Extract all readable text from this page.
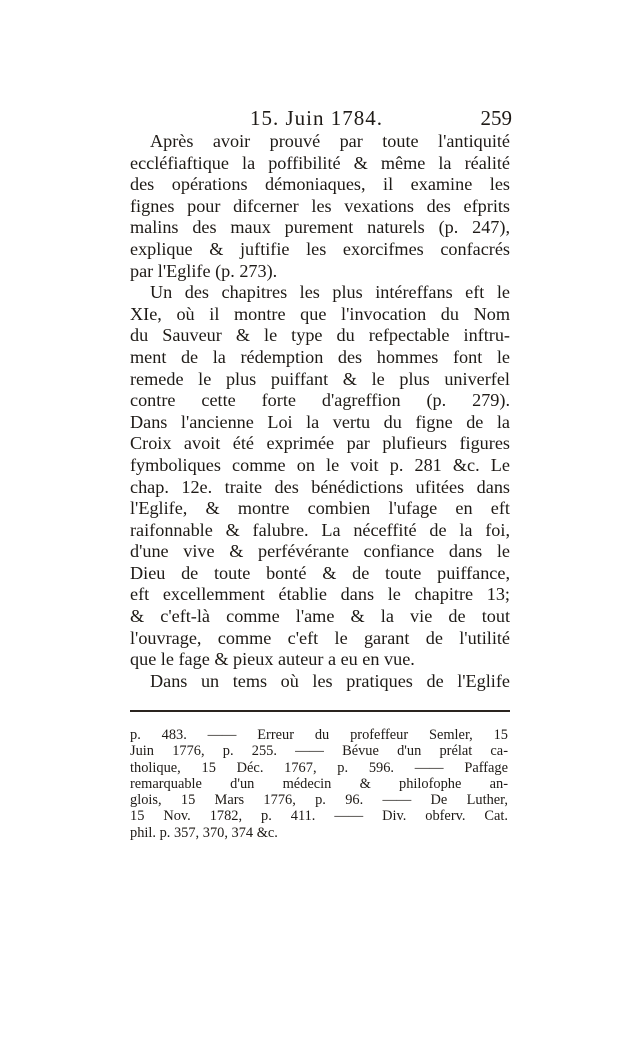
15. Juin 1784.	259
Après avoir prouvé par toute l'antiquité
eccléfiaftique la poffibilité & même la réalité
des opérations démoniaques, il examine les
fignes pour difcerner les vexations des efprits
malins des maux purement naturels (p. 247),
explique & juftifie les exorcifmes confacrés
par l'Eglife (p. 273).
Un des chapitres les plus intéreffans eft le
XIe, où il montre que l'invocation du Nom
du Sauveur & le type du refpectable inftru-
ment de la rédemption des hommes font le
remede le plus puiffant & le plus univerfel
contre cette forte d'agreffion (p. 279).
Dans l'ancienne Loi la vertu du figne de la
Croix avoit été exprimée par plufieurs figures
fymboliques comme on le voit p. 281 &c. Le
chap. 12e. traite des bénédictions ufitées dans
l'Eglife, & montre combien l'ufage en eft
raifonnable & falubre. La néceffité de la foi,
d'une vive & perfévérante confiance dans le
Dieu de toute bonté & de toute puiffance,
eft excellemment établie dans le chapitre 13;
& c'eft-là comme l'ame & la vie de tout
l'ouvrage, comme c'eft le garant de l'utilité
que le fage & pieux auteur a eu en vue.
Dans un tems où les pratiques de l'Eglife
p. 483. —— Erreur du profeffeur Semler, 15
Juin 1776, p. 255. —— Bévue d'un prélat ca-
tholique, 15 Déc. 1767, p. 596. —— Paffage
remarquable d'un médecin & philofophe an-
glois, 15 Mars 1776, p. 96. —— De Luther,
15 Nov. 1782, p. 411. —— Div. obferv. Cat.
phil. p. 357, 370, 374 &c.
